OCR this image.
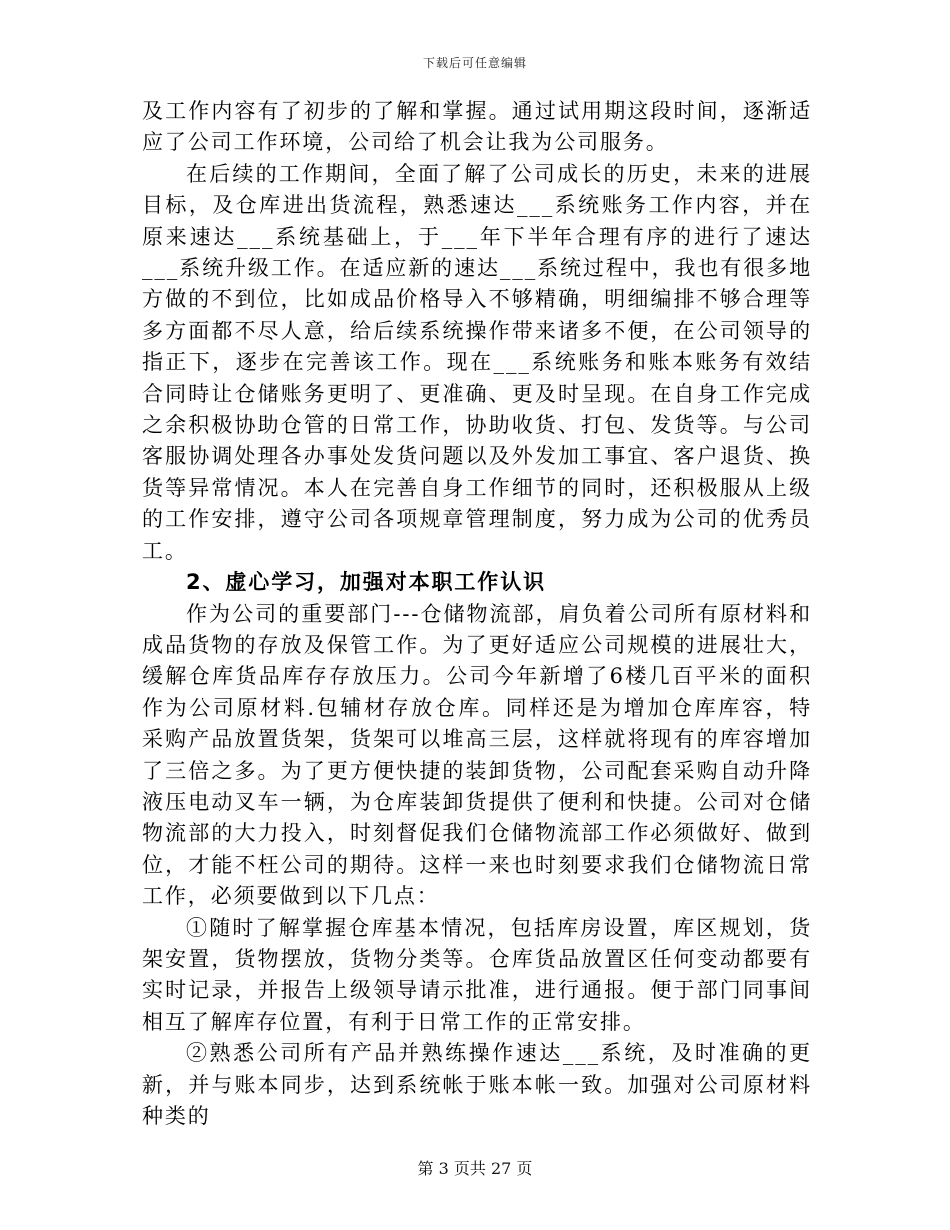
下载后可任意编辑

及工作内容有了初步的了解和掌握。通过试用期这段时间，逐渐适应了公司工作环境，公司给了机会让我为公司服务。

在后续的工作期间，全面了解了公司成长的历史，未来的进展目标，及仓库进出货流程，熟悉速达___系统账务工作内容，并在原来速达___系统基础上，于___年下半年合理有序的进行了速达___系统升级工作。在适应新的速达___系统过程中，我也有很多地方做的不到位，比如成品价格导入不够精确，明细编排不够合理等多方面都不尽人意，给后续系统操作带来诸多不便，在公司领导的指正下，逐步在完善该工作。现在___系统账务和账本账务有效结合同時让仓储账务更明了、更准确、更及时呈现。在自身工作完成之余积极协助仓管的日常工作，协助收货、打包、发货等。与公司客服协调处理各办事处发货问题以及外发加工事宜、客户退货、换货等异常情况。本人在完善自身工作细节的同时，还积极服从上级的工作安排，遵守公司各项规章管理制度，努力成为公司的优秀员工。

2、虚心学习，加强对本职工作认识

作为公司的重要部门---仓储物流部，肩负着公司所有原材料和成品货物的存放及保管工作。为了更好适应公司规模的进展壮大，缓解仓库货品库存存放压力。公司今年新增了6楼几百平米的面积作为公司原材料.包辅材存放仓库。同样还是为增加仓库库容，特采购产品放置货架，货架可以堆高三层，这样就将现有的库容增加了三倍之多。为了更方便快捷的装卸货物，公司配套采购自动升降液压电动叉车一辆，为仓库装卸货提供了便利和快捷。公司对仓储物流部的大力投入，时刻督促我们仓储物流部工作必须做好、做到位，才能不枉公司的期待。这样一来也时刻要求我们仓储物流日常工作，必须要做到以下几点：

①随时了解掌握仓库基本情况，包括库房设置，库区规划，货架安置，货物摆放，货物分类等。仓库货品放置区任何变动都要有实时记录，并报告上级领导请示批准，进行通报。便于部门同事间相互了解库存位置，有利于日常工作的正常安排。

②熟悉公司所有产品并熟练操作速达___系统，及时准确的更新，并与账本同步，达到系统帐于账本帐一致。加强对公司原材料种类的

第 3 页共 27 页
